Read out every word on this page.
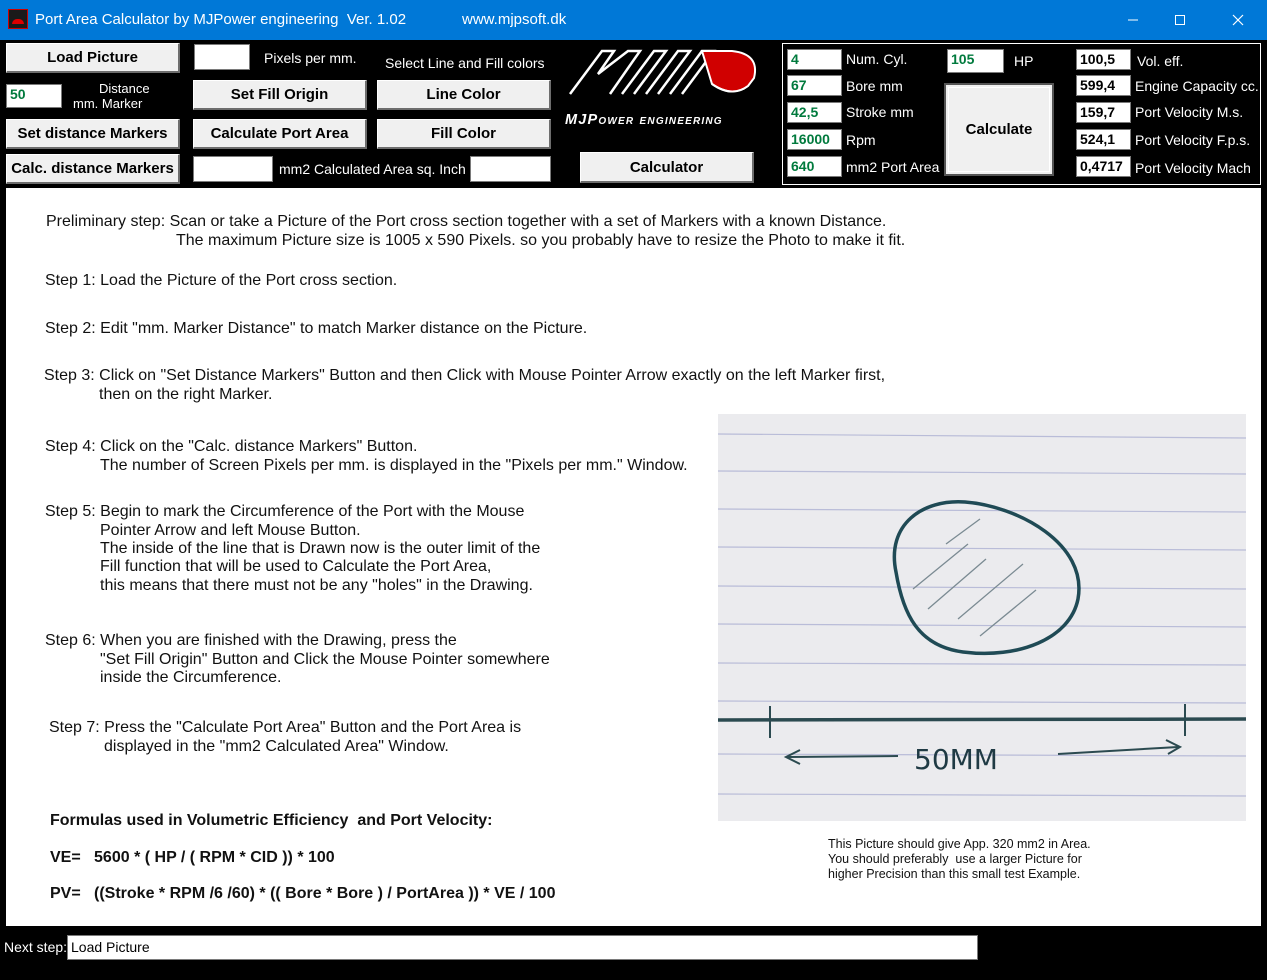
Port Area Calculator by MJPower engineering  Ver. 1.02	www.mjpsoft.dk
Load Picture	Pixels per mm. Select Line and Fill colors
50	Distance
mm. Marker
Set Fill Origin	Line Color
Set distance Markers	Calculate Port Area	Fill Color
Calc. distance Markers	mm2 Calculated Area sq. Inch
MJPower engineering
Calculator
4	Num. Cyl.
67	Bore mm
42,5	Stroke mm
16000	Rpm
640	mm2 Port Area
105	HP
Calculate
100,5	Vol. eff.
599,4	Engine Capacity cc.
159,7	Port Velocity M.s.
524,1	Port Velocity F.p.s.
0,4717 Port Velocity Mach
Preliminary step: Scan or take a Picture of the Port cross section together with a set of Markers with a known Distance.
The maximum Picture size is 1005 x 590 Pixels. so you probably have to resize the Photo to make it fit.
Step 1: Load the Picture of the Port cross section.
Step 2: Edit "mm. Marker Distance" to match Marker distance on the Picture.
Step 3: Click on "Set Distance Markers" Button and then Click with Mouse Pointer Arrow exactly on the left Marker first,
then on the right Marker.
Step 4: Click on the "Calc. distance Markers" Button.
The number of Screen Pixels per mm. is displayed in the "Pixels per mm." Window.
Step 5: Begin to mark the Circumference of the Port with the Mouse
Pointer Arrow and left Mouse Button.
The inside of the line that is Drawn now is the outer limit of the
Fill function that will be used to Calculate the Port Area,
this means that there must not be any "holes" in the Drawing.
Step 6: When you are finished with the Drawing, press the
"Set Fill Origin" Button and Click the Mouse Pointer somewhere
inside the Circumference.
Step 7: Press the "Calculate Port Area" Button and the Port Area is
displayed in the "mm2 Calculated Area" Window.
Formulas used in Volumetric Efficiency  and Port Velocity:
VE=   5600 * ( HP / ( RPM * CID )) * 100
PV=   ((Stroke * RPM /6 /60) * (( Bore * Bore ) / PortArea )) * VE / 100
50MM
This Picture should give App. 320 mm2 in Area.
You should preferably  use a larger Picture for
higher Precision than this small test Example.
Next step: Load Picture
